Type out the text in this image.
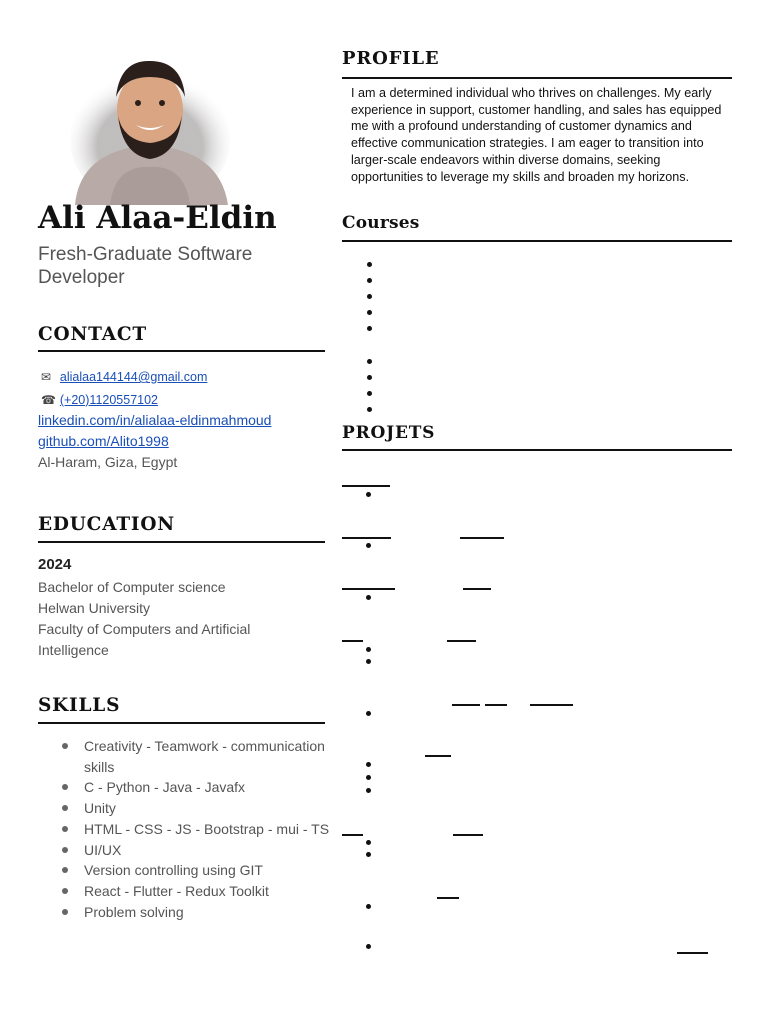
Ali Alaa-Eldin
Fresh-Graduate Software Developer
CONTACT
✉ alialaa144144@gmail.com
☎ (+20)1120557102
linkedin.com/in/alialaa-eldinmahmoud
github.com/Alito1998
Al-Haram, Giza, Egypt
EDUCATION
2024
Bachelor of Computer science
Helwan University
Faculty of Computers and Artificial Intelligence
SKILLS
Creativity - Teamwork - communication skills
C - Python - Java - Javafx
Unity
HTML - CSS - JS - Bootstrap - mui - TS
UI/UX
Version controlling using GIT
React - Flutter - Redux Toolkit
Problem solving
PROFILE

I am a determined individual who thrives on challenges. My early experience in support, customer handling, and sales has equipped me with a profound understanding of customer dynamics and effective communication strategies. I am eager to transition into larger-scale endeavors within diverse domains, seeking opportunities to leverage my skills and broaden my horizons.

Courses
PROJETS
